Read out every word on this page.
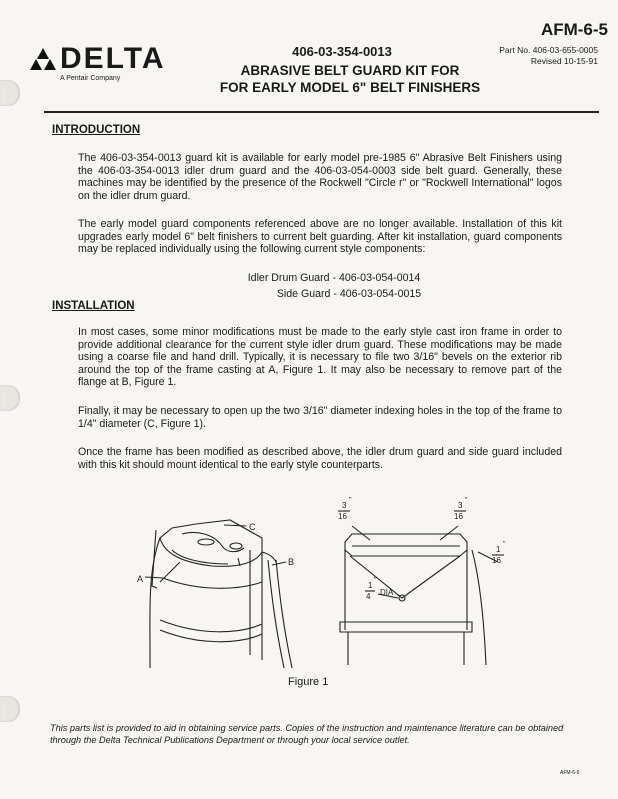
DELTA
A Pentair Company
406-03-354-0013
ABRASIVE BELT GUARD KIT FOR
FOR EARLY MODEL 6" BELT FINISHERS
AFM-6-5
Part No. 406-03-655-0005
Revised 10-15-91
INTRODUCTION
The 406-03-354-0013 guard kit is available for early model pre-1985 6" Abrasive Belt Finishers using the 406-03-354-0013 idler drum guard and the 406-03-054-0003 side belt guard. Generally, these machines may be identified by the presence of the Rockwell "Circle r" or "Rockwell International" logos on the idler drum guard.
The early model guard components referenced above are no longer available. Installation of this kit upgrades early model 6" belt finishers to current belt guarding. After kit installation, guard components may be replaced individually using the following current style components:
Idler Drum Guard - 406-03-054-0014
Side Guard - 406-03-054-0015
INSTALLATION
In most cases, some minor modifications must be made to the early style cast iron frame in order to provide additional clearance for the current style idler drum guard. These modifications may be made using a coarse file and hand drill. Typically, it is necessary to file two 3/16" bevels on the exterior rib around the top of the frame casting at A, Figure 1. It may also be necessary to remove part of the flange at B, Figure 1.
Finally, it may be necessary to open up the two 3/16" diameter indexing holes in the top of the frame to 1/4" diameter (C, Figure 1).
Once the frame has been modified as described above, the idler drum guard and side guard included with this kit should mount identical to the early style counterparts.
A
C
B
3
"
16
3
"
16
1
"
16
1
"
4 DIA
Figure 1
This parts list is provided to aid in obtaining service parts. Copies of the instruction and maintenance literature can be obtained through the Delta Technical Publications Department or through your local service outlet.
AFM-6-5
